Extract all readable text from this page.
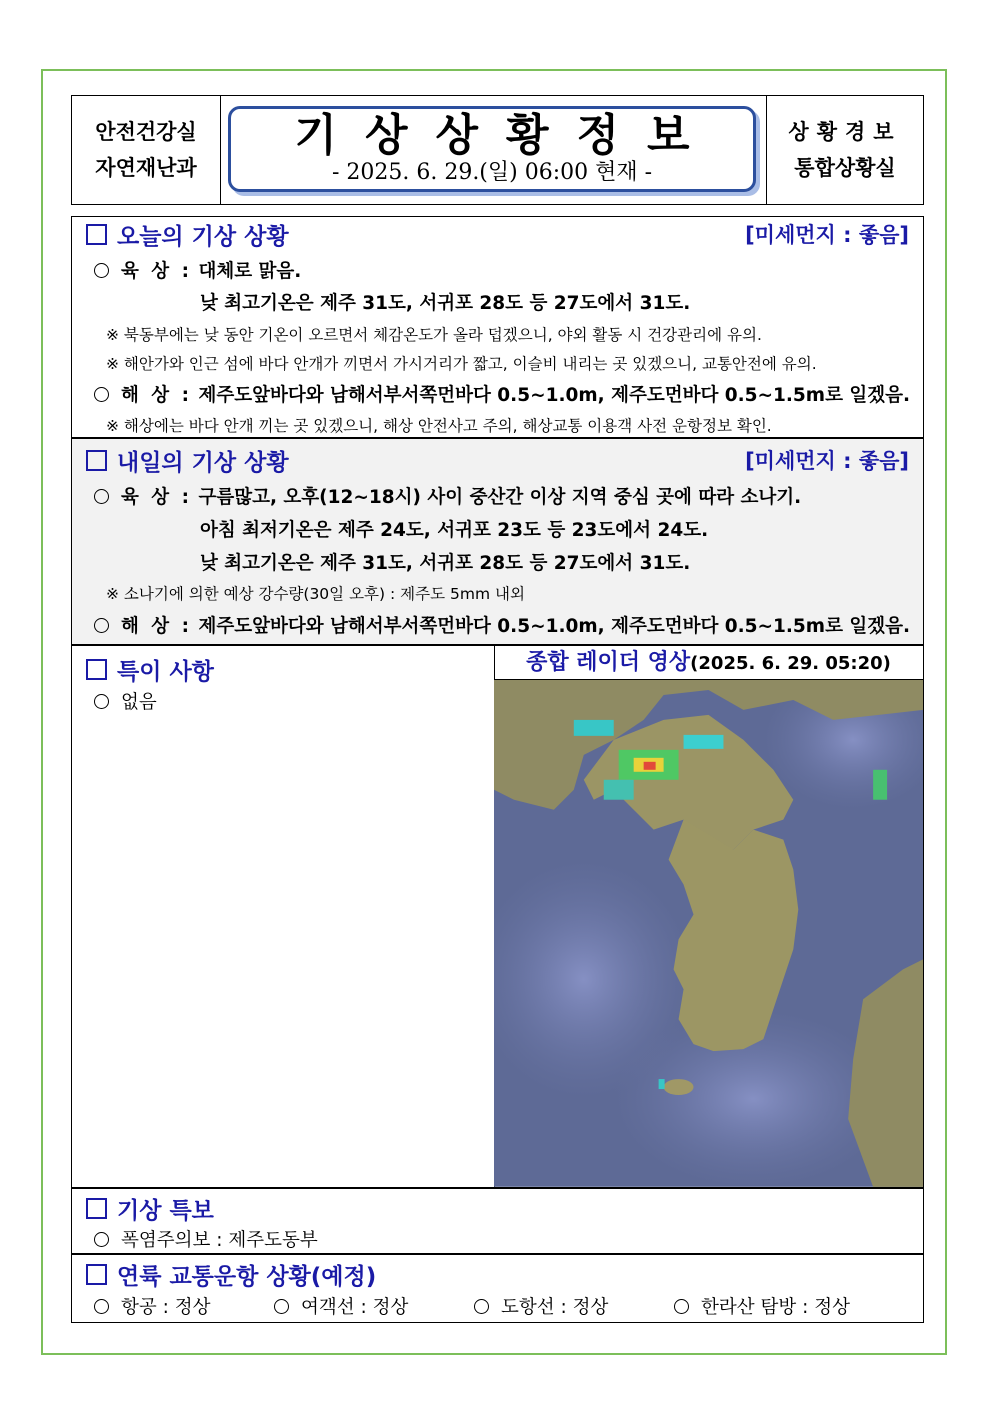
안전건강실
자연재난과
기상상황정보
- 2025. 6. 29.(일) 06:00 현재 -
상황경보
통합상황실
오늘의 기상 상황	[미세먼지 : 좋음]
육 상 : 대체로 맑음.
낮 최고기온은 제주 31도, 서귀포 28도 등 27도에서 31도.
※ 북동부에는 낮 동안 기온이 오르면서 체감온도가 올라 덥겠으니, 야외 활동 시 건강관리에 유의.
※ 해안가와 인근 섬에 바다 안개가 끼면서 가시거리가 짧고, 이슬비 내리는 곳 있겠으니, 교통안전에 유의.
해 상 : 제주도앞바다와 남해서부서쪽먼바다 0.5~1.0m, 제주도먼바다 0.5~1.5m로 일겠음.
※ 해상에는 바다 안개 끼는 곳 있겠으니, 해상 안전사고 주의, 해상교통 이용객 사전 운항정보 확인.
내일의 기상 상황	[미세먼지 : 좋음]
육 상 : 구름많고, 오후(12~18시) 사이 중산간 이상 지역 중심 곳에 따라 소나기.
아침 최저기온은 제주 24도, 서귀포 23도 등 23도에서 24도.
낮 최고기온은 제주 31도, 서귀포 28도 등 27도에서 31도.
※ 소나기에 의한 예상 강수량(30일 오후) : 제주도 5mm 내외
해 상 : 제주도앞바다와 남해서부서쪽먼바다 0.5~1.0m, 제주도먼바다 0.5~1.5m로 일겠음.
특이 사항
없음
종합 레이더 영상(2025. 6. 29. 05:20)
기상 특보
폭염주의보 : 제주도동부
연륙 교통운항 상황(예정)
항공 : 정상	여객선 : 정상	도항선 : 정상	한라산 탐방 : 정상
